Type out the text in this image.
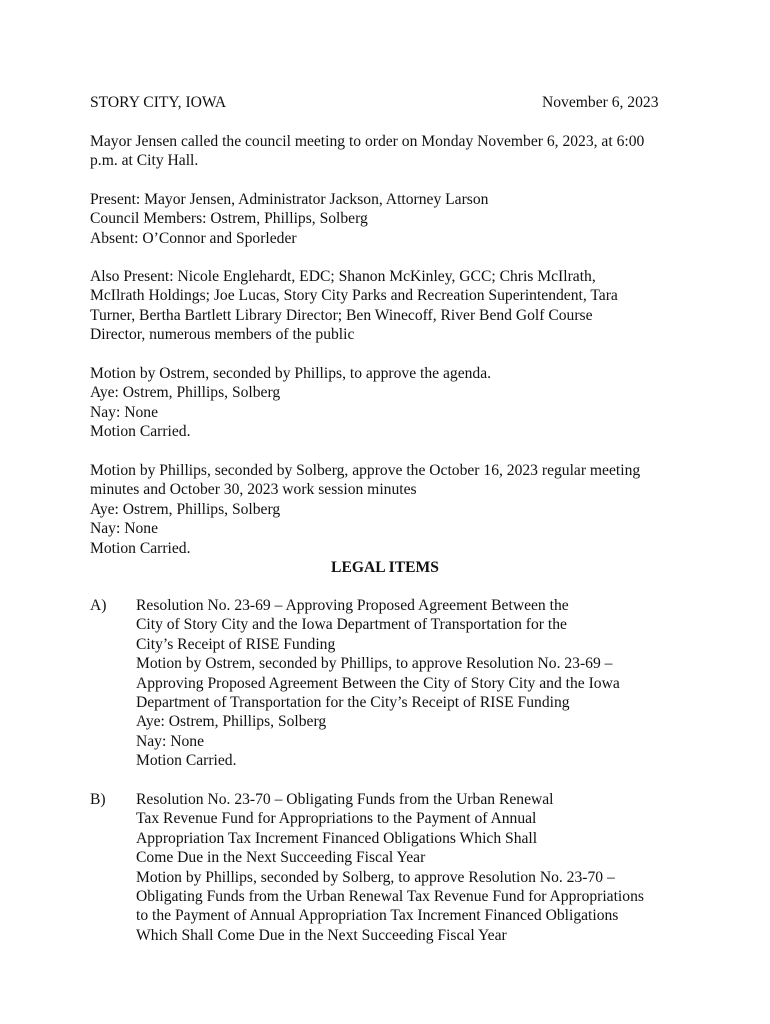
STORY CITY, IOWA	November 6, 2023
Mayor Jensen called the council meeting to order on Monday November 6, 2023, at 6:00
p.m. at City Hall.
Present: Mayor Jensen, Administrator Jackson, Attorney Larson
Council Members: Ostrem, Phillips, Solberg
Absent: O’Connor and Sporleder
Also Present: Nicole Englehardt, EDC; Shanon McKinley, GCC; Chris McIlrath,
McIlrath Holdings; Joe Lucas, Story City Parks and Recreation Superintendent, Tara
Turner, Bertha Bartlett Library Director; Ben Winecoff, River Bend Golf Course
Director, numerous members of the public
Motion by Ostrem, seconded by Phillips, to approve the agenda.
Aye: Ostrem, Phillips, Solberg
Nay: None
Motion Carried.
Motion by Phillips, seconded by Solberg, approve the October 16, 2023 regular meeting
minutes and October 30, 2023 work session minutes
Aye: Ostrem, Phillips, Solberg
Nay: None
Motion Carried.
LEGAL ITEMS
A) Resolution No. 23-69 – Approving Proposed Agreement Between the
City of Story City and the Iowa Department of Transportation for the
City’s Receipt of RISE Funding
Motion by Ostrem, seconded by Phillips, to approve Resolution No. 23-69 –
Approving Proposed Agreement Between the City of Story City and the Iowa
Department of Transportation for the City’s Receipt of RISE Funding
Aye: Ostrem, Phillips, Solberg
Nay: None
Motion Carried.
B) Resolution No. 23-70 – Obligating Funds from the Urban Renewal
Tax Revenue Fund for Appropriations to the Payment of Annual
Appropriation Tax Increment Financed Obligations Which Shall
Come Due in the Next Succeeding Fiscal Year
Motion by Phillips, seconded by Solberg, to approve Resolution No. 23-70 –
Obligating Funds from the Urban Renewal Tax Revenue Fund for Appropriations
to the Payment of Annual Appropriation Tax Increment Financed Obligations
Which Shall Come Due in the Next Succeeding Fiscal Year
